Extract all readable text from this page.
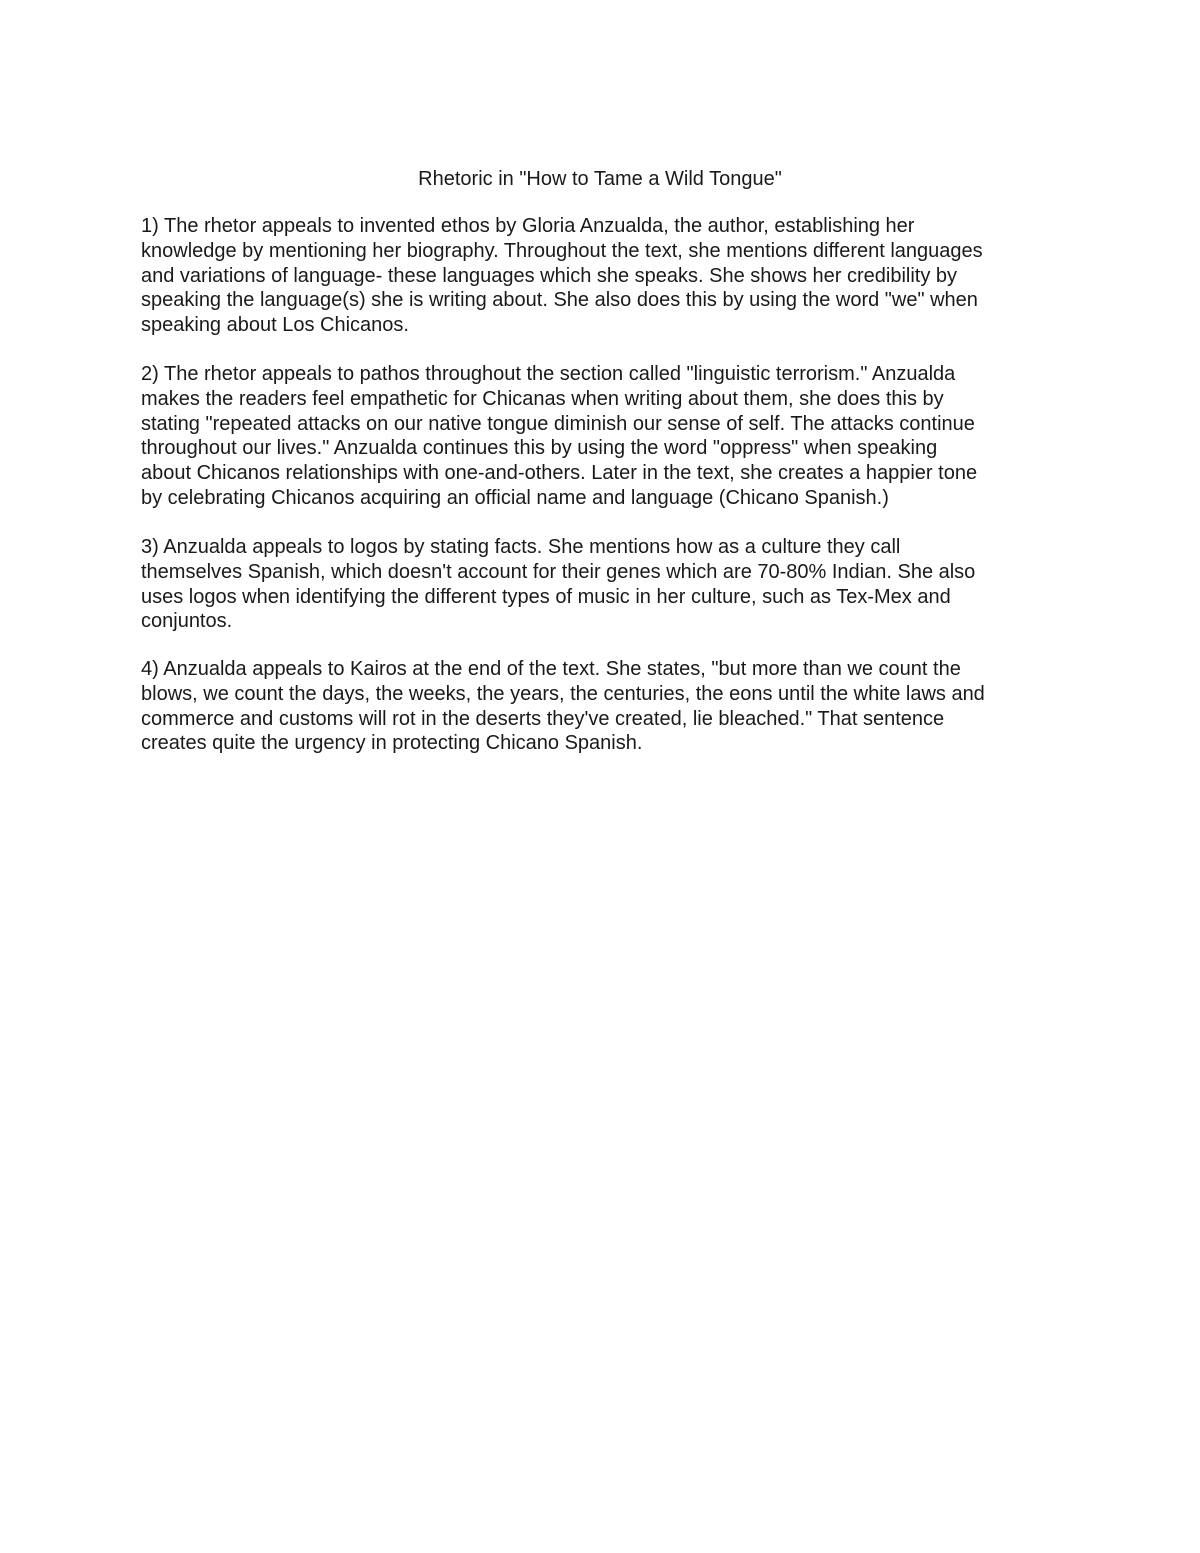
Rhetoric in "How to Tame a Wild Tongue"

1) The rhetor appeals to invented ethos by Gloria Anzualda, the author, establishing her
knowledge by mentioning her biography. Throughout the text, she mentions different languages
and variations of language- these languages which she speaks. She shows her credibility by
speaking the language(s) she is writing about. She also does this by using the word "we" when
speaking about Los Chicanos.

2) The rhetor appeals to pathos throughout the section called "linguistic terrorism." Anzualda
makes the readers feel empathetic for Chicanas when writing about them, she does this by
stating "repeated attacks on our native tongue diminish our sense of self. The attacks continue
throughout our lives." Anzualda continues this by using the word "oppress" when speaking
about Chicanos relationships with one-and-others. Later in the text, she creates a happier tone
by celebrating Chicanos acquiring an official name and language (Chicano Spanish.)

3) Anzualda appeals to logos by stating facts. She mentions how as a culture they call
themselves Spanish, which doesn't account for their genes which are 70-80% Indian. She also
uses logos when identifying the different types of music in her culture, such as Tex-Mex and
conjuntos.

4) Anzualda appeals to Kairos at the end of the text. She states, "but more than we count the
blows, we count the days, the weeks, the years, the centuries, the eons until the white laws and
commerce and customs will rot in the deserts they've created, lie bleached." That sentence
creates quite the urgency in protecting Chicano Spanish.
